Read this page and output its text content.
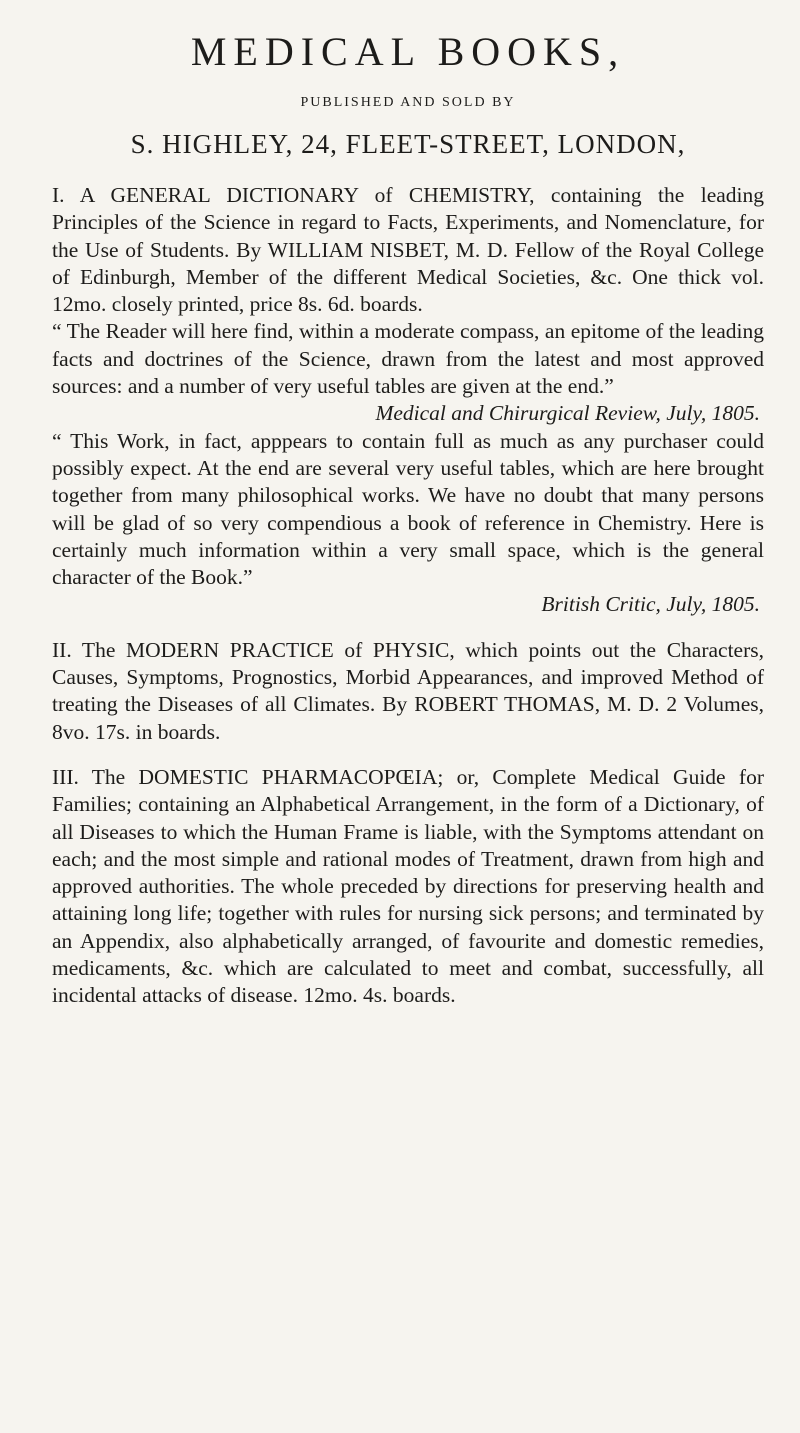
MEDICAL BOOKS,
PUBLISHED AND SOLD BY
S. HIGHLEY, 24, FLEET-STREET, LONDON,

I. A GENERAL DICTIONARY of CHEMISTRY, containing the leading Principles of the Science in regard to Facts, Experiments, and Nomenclature, for the Use of Students. By WILLIAM NISBET, M. D. Fellow of the Royal College of Edinburgh, Member of the different Medical Societies, &c. One thick vol. 12mo. closely printed, price 8s. 6d. boards.

“ The Reader will here find, within a moderate compass, an epitome of the leading facts and doctrines of the Science, drawn from the latest and most approved sources: and a number of very useful tables are given at the end.”

Medical and Chirurgical Review, July, 1805.

“ This Work, in fact, apppears to contain full as much as any purchaser could possibly expect. At the end are several very useful tables, which are here brought together from many philosophical works. We have no doubt that many persons will be glad of so very compendious a book of reference in Chemistry. Here is certainly much information within a very small space, which is the general character of the Book.”

British Critic, July, 1805.

II. The MODERN PRACTICE of PHYSIC, which points out the Characters, Causes, Symptoms, Prognostics, Morbid Appearances, and improved Method of treating the Diseases of all Climates. By ROBERT THOMAS, M. D. 2 Volumes, 8vo. 17s. in boards.

III. The DOMESTIC PHARMACOPŒIA; or, Complete Medical Guide for Families; containing an Alphabetical Arrangement, in the form of a Dictionary, of all Diseases to which the Human Frame is liable, with the Symptoms attendant on each; and the most simple and rational modes of Treatment, drawn from high and approved authorities. The whole preceded by directions for preserving health and attaining long life; together with rules for nursing sick persons; and terminated by an Appendix, also alphabetically arranged, of favourite and domestic remedies, medicaments, &c. which are calculated to meet and combat, successfully, all incidental attacks of disease. 12mo. 4s. boards.
